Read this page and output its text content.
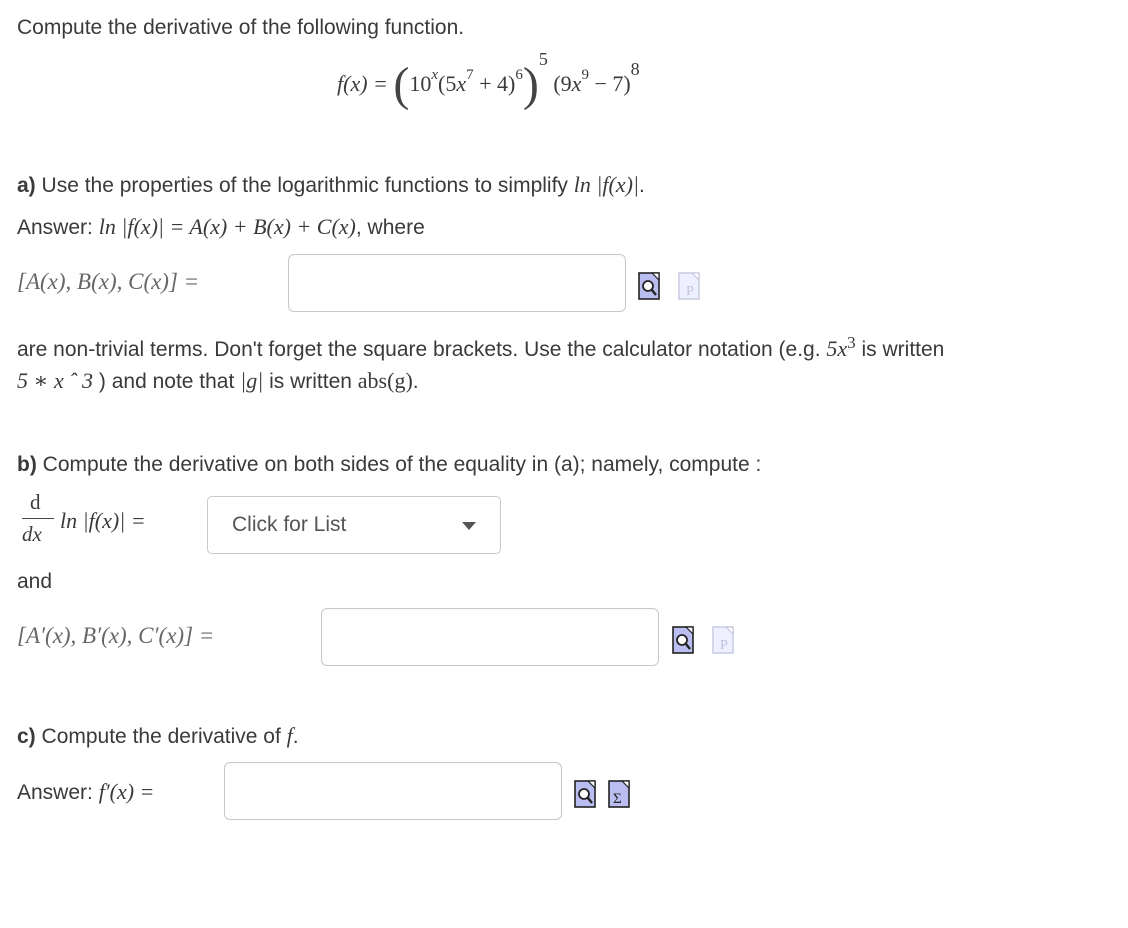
Compute the derivative of the following function.
$f(x) = (10^x(5x^7 + 4)^6)^5$ $(9x^9 - 7)^8$
a) Use the properties of the logarithmic functions to simplify ln |f(x)|.
Answer: ln |f(x)| = A(x) + B(x) + C(x), where
[A(x), B(x), C(x)] =	P
are non-trivial terms. Don't forget the square brackets. Use the calculator notation (e.g. $5x^3$ is written
5 ∗ x ˆ 3 ) and note that |g| is written abs(g).
b) Compute the derivative on both sides of the equality in (a); namely, compute :
d
dx
ln |f(x)| =	Click for List
and
[A′(x), B′(x), C′(x)] =	P
c) Compute the derivative of f.
Answer: f′(x) =	Σ
